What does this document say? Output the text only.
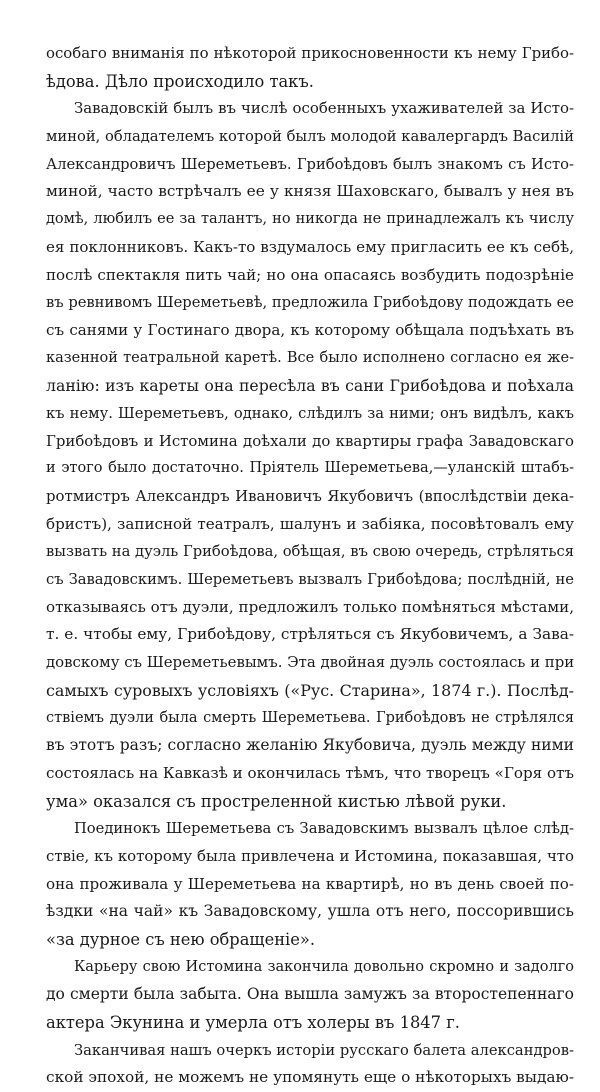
особаго вниманія по нѣкоторой прикосновенности къ нему Грибо-
ѣдова. Дѣло происходило такъ.
Завадовскій былъ въ числѣ особенныхъ ухаживателей за Исто-
миной, обладателемъ которой былъ молодой кавалергардъ Василій
Александровичъ Шереметьевъ. Грибоѣдовъ былъ знакомъ съ Исто-
миной, часто встрѣчалъ ее у князя Шаховскаго, бывалъ у нея въ
домѣ, любилъ ее за талантъ, но никогда не принадлежалъ къ числу
ея поклонниковъ. Какъ-то вздумалось ему пригласить ее къ себѣ,
послѣ спектакля пить чай; но она опасаясь возбудить подозрѣніе
въ ревнивомъ Шереметьевѣ, предложила Грибоѣдову подождать ее
съ санями у Гостинаго двора, къ которому обѣщала подъѣхать въ
казенной театральной каретѣ. Все было исполнено согласно ея же-
ланію: изъ кареты она пересѣла въ сани Грибоѣдова и поѣхала
къ нему. Шереметьевъ, однако, слѣдилъ за ними; онъ видѣлъ, какъ
Грибоѣдовъ и Истомина доѣхали до квартиры графа Завадовскаго
и этого было достаточно. Пріятель Шереметьева,—уланскій штабъ-
ротмистръ Александръ Ивановичъ Якубовичъ (впослѣдствіи дека-
бристъ), записной театралъ, шалунъ и забіяка, посовѣтовалъ ему
вызвать на дуэль Грибоѣдова, обѣщая, въ свою очередь, стрѣляться
съ Завадовскимъ. Шереметьевъ вызвалъ Грибоѣдова; послѣдній, не
отказываясь отъ дуэли, предложилъ только помѣняться мѣстами,
т. е. чтобы ему, Грибоѣдову, стрѣляться съ Якубовичемъ, а Зава-
довскому съ Шереметьевымъ. Эта двойная дуэль состоялась и при
самыхъ суровыхъ условіяхъ («Рус. Старина», 1874 г.). Послѣд-
ствіемъ дуэли была смерть Шереметьева. Грибоѣдовъ не стрѣлялся
въ этотъ разъ; согласно желанію Якубовича, дуэль между ними
состоялась на Кавказѣ и окончилась тѣмъ, что творецъ «Горя отъ
ума» оказался съ простреленной кистью лѣвой руки.
Поединокъ Шереметьева съ Завадовскимъ вызвалъ цѣлое слѣд-
ствіе, къ которому была привлечена и Истомина, показавшая, что
она проживала у Шереметьева на квартирѣ, но въ день своей по-
ѣздки «на чай» къ Завадовскому, ушла отъ него, поссорившись
«за дурное съ нею обращеніе».
Карьеру свою Истомина закончила довольно скромно и задолго
до смерти была забыта. Она вышла замужъ за второстепеннаго
актера Экунина и умерла отъ холеры въ 1847 г.
Заканчивая нашъ очеркъ исторіи русскаго балета александров-
ской эпохой, не можемъ не упомянуть еще о нѣкоторыхъ выдаю-
